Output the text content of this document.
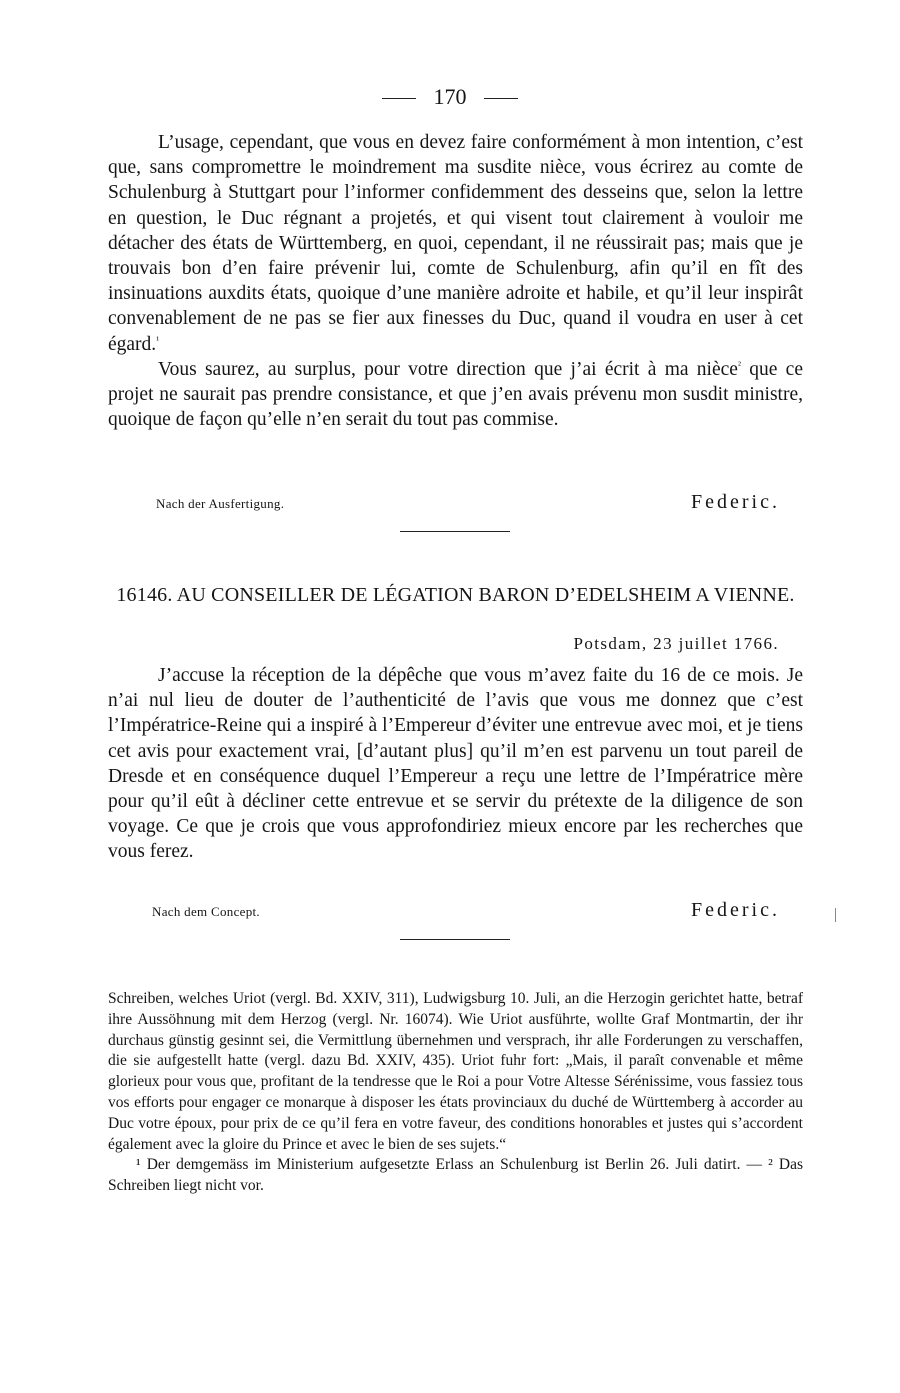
170

L’usage, cependant, que vous en devez faire conformément à mon intention, c’est que, sans compromettre le moindrement ma susdite nièce, vous écrirez au comte de Schulenburg à Stuttgart pour l’informer confidemment des desseins que, selon la lettre en question, le Duc régnant a projetés, et qui visent tout clairement à vouloir me détacher des états de Württemberg, en quoi, cependant, il ne réussirait pas; mais que je trouvais bon d’en faire prévenir lui, comte de Schulenburg, afin qu’il en fît des insinuations auxdits états, quoique d’une manière adroite et habile, et qu’il leur inspirât convenablement de ne pas se fier aux finesses du Duc, quand il voudra en user à cet égard.$^{^1}$

Vous saurez, au surplus, pour votre direction que j’ai écrit à ma nièce$^{^2}$ que ce projet ne saurait pas prendre consistance, et que j’en avais prévenu mon susdit ministre, quoique de façon qu’elle n’en serait du tout pas commise.

Nach der Ausfertigung.	Federic.
16146. AU CONSEILLER DE LÉGATION BARON D’EDELSHEIM A VIENNE.
Potsdam, 23 juillet 1766.

J’accuse la réception de la dépêche que vous m’avez faite du 16 de ce mois. Je n’ai nul lieu de douter de l’authenticité de l’avis que vous me donnez que c’est l’Impératrice-Reine qui a inspiré à l’Empereur d’éviter une entrevue avec moi, et je tiens cet avis pour exactement vrai, [d’autant plus] qu’il m’en est parvenu un tout pareil de Dresde et en conséquence duquel l’Empereur a reçu une lettre de l’Impératrice mère pour qu’il eût à décliner cette entrevue et se servir du prétexte de la diligence de son voyage. Ce que je crois que vous approfondiriez mieux encore par les recherches que vous ferez.

Nach dem Concept.	Federic.

Schreiben, welches Uriot (vergl. Bd. XXIV, 311), Ludwigsburg 10. Juli, an die Herzogin gerichtet hatte, betraf ihre Aussöhnung mit dem Herzog (vergl. Nr. 16074). Wie Uriot ausführte, wollte Graf Montmartin, der ihr durchaus günstig gesinnt sei, die Vermittlung übernehmen und versprach, ihr alle Forderungen zu verschaffen, die sie aufgestellt hatte (vergl. dazu Bd. XXIV, 435). Uriot fuhr fort: „Mais, il paraît convenable et même glorieux pour vous que, profitant de la tendresse que le Roi a pour Votre Altesse Sérénissime, vous fassiez tous vos efforts pour engager ce monarque à disposer les états provinciaux du duché de Württemberg à accorder au Duc votre époux, pour prix de ce qu’il fera en votre faveur, des conditions honorables et justes qui s’accordent également avec la gloire du Prince et avec le bien de ses sujets.“

¹ Der demgemäss im Ministerium aufgesetzte Erlass an Schulenburg ist Berlin 26. Juli datirt. — ² Das Schreiben liegt nicht vor.
